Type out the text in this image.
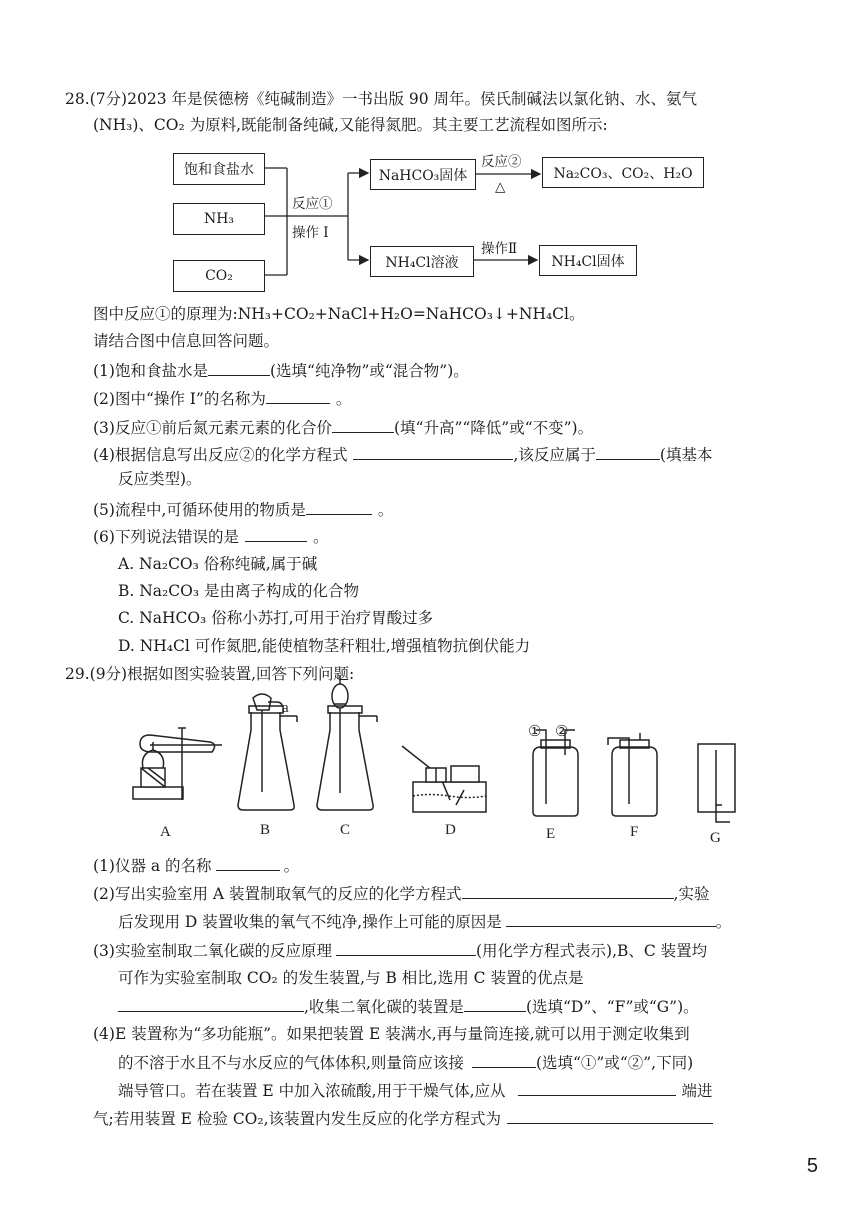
28.(7分)2023 年是侯德榜《纯碱制造》一书出版 90 周年。侯氏制碱法以氯化钠、水、氨气
(NH₃)、CO₂ 为原料,既能制备纯碱,又能得氮肥。其主要工艺流程如图所示:
饱和食盐水
NH₃
CO₂
反应①
操作 I
NaHCO₃固体
NH₄Cl溶液
反应②
△
操作Ⅱ
Na₂CO₃、CO₂、H₂O
NH₄Cl固体
图中反应①的原理为:NH₃+CO₂+NaCl+H₂O=NaHCO₃↓+NH₄Cl。
请结合图中信息回答问题。
(1)饱和食盐水是	(选填“纯净物”或“混合物”)。
(2)图中“操作 I”的名称为	。
(3)反应①前后氮元素元素的化合价	(填“升高”“降低”或“不变”)。
(4)根据信息写出反应②的化学方程式	,该反应属于	(填基本
反应类型)。
(5)流程中,可循环使用的物质是	。
(6)下列说法错误的是	。
A. Na₂CO₃ 俗称纯碱,属于碱
B. Na₂CO₃ 是由离子构成的化合物
C. NaHCO₃ 俗称小苏打,可用于治疗胃酸过多
D. NH₄Cl 可作氮肥,能使植物茎秆粗壮,增强植物抗倒伏能力
29.(9分)根据如图实验装置,回答下列问题:
A	B	C	D	E	F	G
a
① ②
(1)仪器 a 的名称	。
(2)写出实验室用 A 装置制取氧气的反应的化学方程式	,实验
后发现用 D 装置收集的氧气不纯净,操作上可能的原因是	。
(3)实验室制取二氧化碳的反应原理	(用化学方程式表示),B、C 装置均
可作为实验室制取 CO₂ 的发生装置,与 B 相比,选用 C 装置的优点是
,收集二氧化碳的装置是	(选填“D”、“F”或“G”)。
(4)E 装置称为“多功能瓶”。如果把装置 E 装满水,再与量筒连接,就可以用于测定收集到
的不溶于水且不与水反应的气体体积,则量筒应该接	(选填“①”或“②”,下同)
端导管口。若在装置 E 中加入浓硫酸,用于干燥气体,应从	端进
气;若用装置 E 检验 CO₂,该装置内发生反应的化学方程式为
5
